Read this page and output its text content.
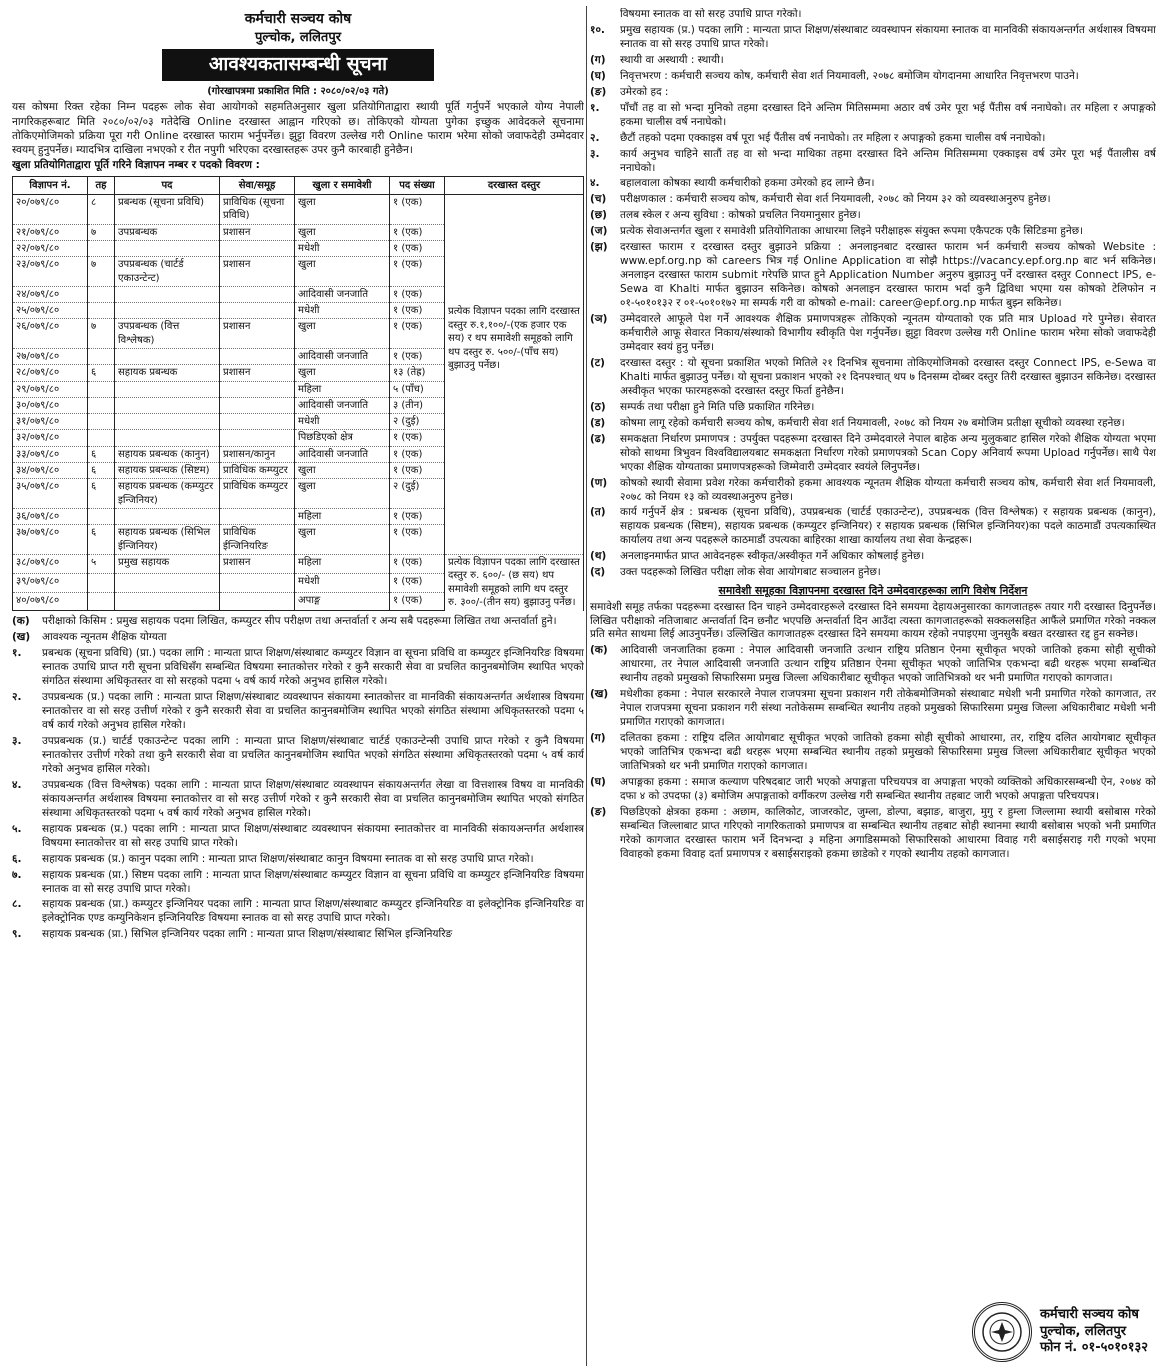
कर्मचारी सञ्चय कोष
पुल्चोक, ललितपुर
आवश्यकतासम्बन्धी सूचना
(गोरखापत्रमा प्रकाशित मिति : २०८०/०२/०३ गते)

यस कोषमा रिक्त रहेका निम्न पदहरू लोक सेवा आयोगको सहमतिअनुसार खुला प्रतियोगिताद्वारा स्थायी पूर्ति गर्नुपर्ने भएकाले योग्य नेपाली नागरिकहरूबाट मिति २०८०/०२/०३ गतेदेखि Online दरखास्त आह्वान गरिएको छ। तोकिएको योग्यता पुगेका इच्छुक आवेदकले सूचनामा तोकिएमोजिमको प्रक्रिया पूरा गरी Online दरखास्त फाराम भर्नुपर्नेछ। झुट्टा विवरण उल्लेख गरी Online फाराम भरेमा सोको जवाफदेही उम्मेदवार स्वयम् हुनुपर्नेछ। म्यादभित्र दाखिला नभएको र रीत नपुगी भरिएका दरखास्तहरू उपर कुनै कारबाही हुनेछैन।

खुला प्रतियोगिताद्वारा पूर्ति गरिने विज्ञापन नम्बर र पदको विवरण :
विज्ञापन नं.	तह	पद	सेवा/समूह	खुला र समावेशी	पद संख्या	दरखास्त दस्तुर
२०/०७९/८०	८	प्रबन्धक (सूचना प्रविधि)	प्राविधिक (सूचना प्रविधि)	खुला	१ (एक)	प्रत्येक विज्ञापन पदका लागि दरखास्त दस्तुर रु.१,१००/-(एक हजार एक सय) र थप समावेशी समूहको लागि थप दस्तुर रु. ५००/-(पाँच सय) बुझाउनु पर्नेछ।
२१/०७९/८०	७	उपप्रबन्धक	प्रशासन	खुला	१ (एक)	
२२/०७९/८०				मधेशी	१ (एक)	
२३/०७९/८०	७	उपप्रबन्धक (चार्टर्ड एकाउन्टेन्ट)	प्रशासन	खुला	१ (एक)	
२४/०७९/८०				आदिवासी जनजाति	१ (एक)	
२५/०७९/८०				मधेशी	१ (एक)	
२६/०७९/८०	७	उपप्रबन्धक (वित्त विश्लेषक)	प्रशासन	खुला	१ (एक)	
२७/०७९/८०				आदिवासी जनजाति	१ (एक)	
२८/०७९/८०	६	सहायक प्रबन्धक	प्रशासन	खुला	१३ (तेह्र)	
२९/०७९/८०				महिला	५ (पाँच)	
३०/०७९/८०				आदिवासी जनजाति	३ (तीन)	
३१/०७९/८०				मधेशी	२ (दुई)	
३२/०७९/८०				पिछडिएको क्षेत्र	१ (एक)	
३३/०७९/८०	६	सहायक प्रबन्धक (कानुन)	प्रशासन/कानुन	आदिवासी जनजाति	१ (एक)	
३४/०७९/८०	६	सहायक प्रबन्धक (सिष्टम)	प्राविधिक कम्प्युटर	खुला	१ (एक)	
३५/०७९/८०	६	सहायक प्रबन्धक (कम्प्युटर इन्जिनियर)	प्राविधिक कम्प्युटर	खुला	२ (दुई)	
३६/०७९/८०				महिला	१ (एक)	
३७/०७९/८०	६	सहायक प्रबन्धक (सिभिल ईन्जिनियर)	प्राविधिक ईन्जिनियरिङ	खुला	१ (एक)	
३८/०७९/८०	५	प्रमुख सहायक	प्रशासन	महिला	१ (एक)	प्रत्येक विज्ञापन पदका लागि दरखास्त दस्तुर रु. ६००/- (छ सय) थप समावेशी समूहको लागि थप दस्तुर रु. ३००/-(तीन सय) बुझाउनु पर्नेछ।
३९/०७९/८०				मधेशी	१ (एक)	
४०/०७९/८०				अपाङ्ग	१ (एक)	
(क)	परीक्षाको किसिम : प्रमुख सहायक पदमा लिखित, कम्प्युटर सीप परीक्षण तथा अन्तर्वार्ता र अन्य सबै पदहरूमा लिखित तथा अन्तर्वार्ता हुने।
(ख)	आवश्यक न्यूनतम शैक्षिक योग्यता
१.	प्रबन्धक (सूचना प्रविधि) (प्रा.) पदका लागि : मान्यता प्राप्त शिक्षण/संस्थाबाट कम्प्युटर विज्ञान वा सूचना प्रविधि वा कम्प्युटर इन्जिनियरिङ विषयमा स्नातक उपाधि प्राप्त गरी सूचना प्रविधिसँग सम्बन्धित विषयमा स्नातकोत्तर गरेको र कुनै सरकारी सेवा वा प्रचलित कानुनबमोजिम स्थापित भएको संगठित संस्थामा अधिकृतस्तर वा सो सरहको पदमा ५ वर्ष कार्य गरेको अनुभव हासिल गरेको।
२.	उपप्रबन्धक (प्र.) पदका लागि : मान्यता प्राप्त शिक्षण/संस्थाबाट व्यवस्थापन संकायमा स्नातकोत्तर वा मानविकी संकायअन्तर्गत अर्थशास्त्र विषयमा स्नातकोत्तर वा सो सरह उत्तीर्ण गरेको र कुनै सरकारी सेवा वा प्रचलित कानुनबमोजिम स्थापित भएको संगठित संस्थामा अधिकृतस्तरको पदमा ५ वर्ष कार्य गरेको अनुभव हासिल गरेको।
३.	उपप्रबन्धक (प्र.) चार्टर्ड एकाउन्टेन्ट पदका लागि : मान्यता प्राप्त शिक्षण/संस्थाबाट चार्टर्ड एकाउन्टेन्सी उपाधि प्राप्त गरेको र कुनै विषयमा स्नातकोत्तर उत्तीर्ण गरेको तथा कुनै सरकारी सेवा वा प्रचलित कानुनबमोजिम स्थापित भएको संगठित संस्थामा अधिकृतस्तरको पदमा ५ वर्ष कार्य गरेको अनुभव हासिल गरेको।
४.	उपप्रबन्धक (वित्त विश्लेषक) पदका लागि : मान्यता प्राप्त शिक्षण/संस्थाबाट व्यवस्थापन संकायअन्तर्गत लेखा वा वित्तशास्त्र विषय वा मानविकी संकायअन्तर्गत अर्थशास्त्र विषयमा स्नातकोत्तर वा सो सरह उत्तीर्ण गरेको र कुनै सरकारी सेवा वा प्रचलित कानुनबमोजिम स्थापित भएको संगठित संस्थामा अधिकृतस्तरको पदमा ५ वर्ष कार्य गरेको अनुभव हासिल गरेको।
५.	सहायक प्रबन्धक (प्र.) पदका लागि : मान्यता प्राप्त शिक्षण/संस्थाबाट व्यवस्थापन संकायमा स्नातकोत्तर वा मानविकी संकायअन्तर्गत अर्थशास्त्र विषयमा स्नातकोत्तर वा सो सरह उपाधि प्राप्त गरेको।
६.	सहायक प्रबन्धक (प्र.) कानुन पदका लागि : मान्यता प्राप्त शिक्षण/संस्थाबाट कानुन विषयमा स्नातक वा सो सरह उपाधि प्राप्त गरेको।
७.	सहायक प्रबन्धक (प्रा.) सिष्टम पदका लागि : मान्यता प्राप्त शिक्षण/संस्थाबाट कम्प्युटर विज्ञान वा सूचना प्रविधि वा कम्प्युटर इन्जिनियरिङ विषयमा स्नातक वा सो सरह उपाधि प्राप्त गरेको।
८.	सहायक प्रबन्धक (प्रा.) कम्प्युटर इन्जिनियर पदका लागि : मान्यता प्राप्त शिक्षण/संस्थाबाट कम्प्युटर इन्जिनियरिङ वा इलेक्ट्रोनिक इन्जिनियरिङ वा इलेक्ट्रोनिक एण्ड कम्युनिकेशन इन्जिनियरिङ विषयमा स्नातक वा सो सरह उपाधि प्राप्त गरेको।
९.	सहायक प्रबन्धक (प्रा.) सिभिल इन्जिनियर पदका लागि : मान्यता प्राप्त शिक्षण/संस्थाबाट सिभिल इन्जिनियरिङ

विषयमा स्नातक वा सो सरह उपाधि प्राप्त गरेको।

१०.	प्रमुख सहायक (प्र.) पदका लागि : मान्यता प्राप्त शिक्षण/संस्थाबाट व्यवस्थापन संकायमा स्नातक वा मानविकी संकायअन्तर्गत अर्थशास्त्र विषयमा स्नातक वा सो सरह उपाधि प्राप्त गरेको।
(ग)	स्थायी वा अस्थायी : स्थायी।
(घ)	निवृत्तभरण : कर्मचारी सञ्चय कोष, कर्मचारी सेवा शर्त नियमावली, २०७८ बमोजिम योगदानमा आधारित निवृत्तभरण पाउने।
(ङ)	उमेरको हद :
१.	पाँचौं तह वा सो भन्दा मुनिको तहमा दरखास्त दिने अन्तिम मितिसम्ममा अठार वर्ष उमेर पूरा भई पैंतीस वर्ष ननाघेको। तर महिला र अपाङ्गको हकमा चालीस वर्ष ननाघेको।
२.	छैटौं तहको पदमा एक्काइस वर्ष पूरा भई पैंतीस वर्ष ननाघेको। तर महिला र अपाङ्गको हकमा चालीस वर्ष ननाघेको।
३.	कार्य अनुभव चाहिने सातौं तह वा सो भन्दा माथिका तहमा दरखास्त दिने अन्तिम मितिसम्ममा एक्काइस वर्ष उमेर पूरा भई पैंतालीस वर्ष ननाघेको।
४.	बहालवाला कोषका स्थायी कर्मचारीको हकमा उमेरको हद लाग्ने छैन।
(च)	परीक्षणकाल : कर्मचारी सञ्चय कोष, कर्मचारी सेवा शर्त नियमावली, २०७८ को नियम ३२ को व्यवस्थाअनुरुप हुनेछ।
(छ)	तलब स्केल र अन्य सुविधा : कोषको प्रचलित नियमानुसार हुनेछ।
(ज)	प्रत्येक सेवाअन्तर्गत खुला र समावेशी प्रतियोगिताका आधारमा लिइने परीक्षाहरू संयुक्त रूपमा एकैपटक एकै सिटिङमा हुनेछ।
(झ)	दरखास्त फाराम र दरखास्त दस्तुर बुझाउने प्रक्रिया : अनलाइनबाट दरखास्त फाराम भर्न कर्मचारी सञ्चय कोषको Website : www.epf.org.np को careers भित्र गई Online Application वा सोझै https://vacancy.epf.org.np बाट भर्न सकिनेछ। अनलाइन दरखास्त फाराम submit गरेपछि प्राप्त हुने Application Number अनुरुप बुझाउनु पर्ने दरखास्त दस्तुर Connect IPS, e-Sewa वा Khalti मार्फत बुझाउन सकिनेछ। कोषको अनलाइन दरखास्त फाराम भर्दा कुनै द्विविधा भएमा यस कोषको टेलिफोन न ०१-५०१०१३२ र ०१-५०१०१७२ मा सम्पर्क गरी वा कोषको e-mail: career@epf.org.np मार्फत बुझ्न सकिनेछ।
(ञ)	उम्मेदवारले आफूले पेश गर्ने आवश्यक शैक्षिक प्रमाणपत्रहरू तोकिएको न्यूनतम योग्यताको एक प्रति मात्र Upload गरे पुग्नेछ। सेवारत कर्मचारीले आफू सेवारत निकाय/संस्थाको विभागीय स्वीकृति पेश गर्नुपर्नेछ। झुट्टा विवरण उल्लेख गरी Online फाराम भरेमा सोको जवाफदेही उम्मेदवार स्वयं हुनु पर्नेछ।
(ट)	दरखास्त दस्तुर : यो सूचना प्रकाशित भएको मितिले २१ दिनभित्र सूचनामा तोकिएमोजिमको दरखास्त दस्तुर Connect IPS, e-Sewa वा Khalti मार्फत बुझाउनु पर्नेछ। यो सूचना प्रकाशन भएको २१ दिनपश्चात् थप ७ दिनसम्म दोब्बर दस्तुर तिरी दरखास्त बुझाउन सकिनेछ। दरखास्त अस्वीकृत भएका फारमहरूको दरखास्त दस्तुर फिर्ता हुनेछैन।
(ठ)	सम्पर्क तथा परीक्षा हुने मिति पछि प्रकाशित गरिनेछ।
(ड)	कोषमा लागू रहेको कर्मचारी सञ्चय कोष, कर्मचारी सेवा शर्त नियमावली, २०७८ को नियम २७ बमोजिम प्रतीक्षा सूचीको व्यवस्था रहनेछ।
(ढ)	समकक्षता निर्धारण प्रमाणपत्र : उपर्युक्त पदहरूमा दरखास्त दिने उम्मेदवारले नेपाल बाहेक अन्य मुलुकबाट हासिल गरेको शैक्षिक योग्यता भएमा सोको साथमा त्रिभुवन विश्वविद्यालयबाट समकक्षता निर्धारण गरेको प्रमाणपत्रको Scan Copy अनिवार्य रूपमा Upload गर्नुपर्नेछ। साथै पेश भएका शैक्षिक योग्यताका प्रमाणपत्रहरूको जिम्मेवारी उम्मेदवार स्वयंले लिनुपर्नेछ।
(ण)	कोषको स्थायी सेवामा प्रवेश गरेका कर्मचारीको हकमा आवश्यक न्यूनतम शैक्षिक योग्यता कर्मचारी सञ्चय कोष, कर्मचारी सेवा शर्त नियमावली, २०७८ को नियम १३ को व्यवस्थाअनुरुप हुनेछ।
(त)	कार्य गर्नुपर्ने क्षेत्र : प्रबन्धक (सूचना प्रविधि), उपप्रबन्धक (चार्टर्ड एकाउन्टेन्ट), उपप्रबन्धक (वित्त विश्लेषक) र सहायक प्रबन्धक (कानुन), सहायक प्रबन्धक (सिष्टम), सहायक प्रबन्धक (कम्प्युटर इन्जिनियर) र सहायक प्रबन्धक (सिभिल इन्जिनियर)का पदले काठमाडौं उपत्यकास्थित कार्यालय तथा अन्य पदहरूले काठमाडौं उपत्यका बाहिरका शाखा कार्यालय तथा सेवा केन्द्रहरू।
(थ)	अनलाइनमार्फत प्राप्त आवेदनहरू स्वीकृत/अस्वीकृत गर्ने अधिकार कोषलाई हुनेछ।
(द)	उक्त पदहरूको लिखित परीक्षा लोक सेवा आयोगबाट सञ्चालन हुनेछ।
समावेशी समूहका विज्ञापनमा दरखास्त दिने उम्मेदवारहरूका लागि विशेष निर्देशन

समावेशी समूह तर्फका पदहरूमा दरखास्त दिन चाहने उम्मेदवारहरूले दरखास्त दिने समयमा देहायअनुसारका कागजातहरू तयार गरी दरखास्त दिनुपर्नेछ। लिखित परीक्षाको नतिजाबाट अन्तर्वार्ता दिन छनौट भएपछि अन्तर्वार्ता दिन आउँदा त्यस्ता कागजातहरूको सक्कलसहित आफैंले प्रमाणित गरेको नक्कल प्रति समेत साथमा लिई आउनुपर्नेछ। उल्लिखित कागजातहरू दरखास्त दिने समयमा कायम रहेको नपाइएमा जुनसुकै बखत दरखास्त रद्द हुन सक्नेछ।

(क)	आदिवासी जनजातिका हकमा : नेपाल आदिवासी जनजाति उत्थान राष्ट्रिय प्रतिष्ठान ऐनमा सूचीकृत भएको जातिको हकमा सोही सूचीको आधारमा, तर नेपाल आदिवासी जनजाति उत्थान राष्ट्रिय प्रतिष्ठान ऐनमा सूचीकृत भएको जातिभित्र एकभन्दा बढी थरहरू भएमा सम्बन्धित स्थानीय तहको प्रमुखको सिफारिसमा प्रमुख जिल्ला अधिकारीबाट सूचीकृत भएको जातिभित्रको थर भनी प्रमाणित गराएको कागजात।
(ख)	मधेशीका हकमा : नेपाल सरकारले नेपाल राजपत्रमा सूचना प्रकाशन गरी तोकेबमोजिमको संस्थाबाट मधेशी भनी प्रमाणित गरेको कागजात, तर नेपाल राजपत्रमा सूचना प्रकाशन गरी संस्था नतोकेसम्म सम्बन्धित स्थानीय तहको प्रमुखको सिफारिसमा प्रमुख जिल्ला अधिकारीबाट मधेशी भनी प्रमाणित गराएको कागजात।
(ग)	दलितका हकमा : राष्ट्रिय दलित आयोगबाट सूचीकृत भएको जातिको हकमा सोही सूचीको आधारमा, तर, राष्ट्रिय दलित आयोगबाट सूचीकृत भएको जातिभित्र एकभन्दा बढी थरहरू भएमा सम्बन्धित स्थानीय तहको प्रमुखको सिफारिसमा प्रमुख जिल्ला अधिकारीबाट सूचीकृत भएको जातिभित्रको थर भनी प्रमाणित गराएको कागजात।
(घ)	अपाङ्गका हकमा : समाज कल्याण परिषदबाट जारी भएको अपाङ्गता परिचयपत्र वा अपाङ्गता भएको व्यक्तिको अधिकारसम्बन्धी ऐन, २०७४ को दफा ४ को उपदफा (३) बमोजिम अपाङ्गताको वर्गीकरण उल्लेख गरी सम्बन्धित स्थानीय तहबाट जारी भएको अपाङ्गता परिचयपत्र।
(ङ)	पिछडिएको क्षेत्रका हकमा : अछाम, कालिकोट, जाजरकोट, जुम्ला, डोल्पा, बझाङ, बाजुरा, मुगु र हुम्ला जिल्लामा स्थायी बसोबास गरेको सम्बन्धित जिल्लाबाट प्राप्त गरिएको नागरिकताको प्रमाणपत्र वा सम्बन्धित स्थानीय तहबाट सोही स्थानमा स्थायी बसोबास भएको भनी प्रमाणित गरेको कागजात दरखास्त फाराम भर्ने दिनभन्दा ३ महिना अगाडिसम्मको सिफारिसको आधारमा विवाह गरी बसाईसराइ गरी गएको भएमा विवाहको हकमा विवाह दर्ता प्रमाणपत्र र बसाईसराइको हकमा छाडेको र गएको स्थानीय तहको कागजात।
कर्मचारी सञ्चय कोष
पुल्चोक, ललितपुर
फोन नं. ०१-५०१०१३२
